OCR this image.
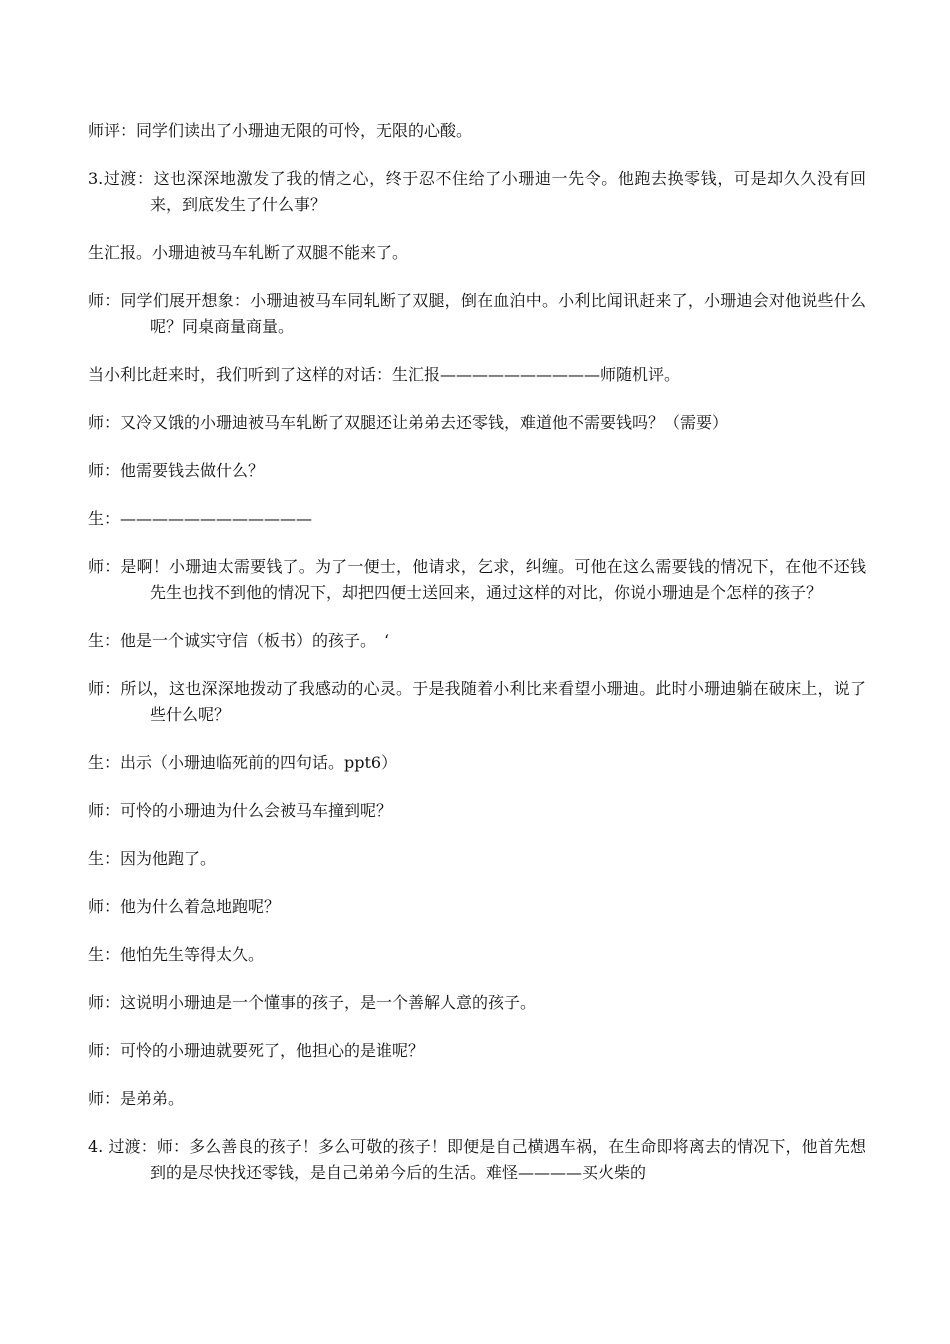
师评：同学们读出了小珊迪无限的可怜，无限的心酸。

3.过渡：这也深深地激发了我的情之心，终于忍不住给了小珊迪一先令。他跑去换零钱，可是却久久没有回来，到底发生了什么事？

生汇报。小珊迪被马车轧断了双腿不能来了。

师：同学们展开想象：小珊迪被马车同轧断了双腿，倒在血泊中。小利比闻讯赶来了，小珊迪会对他说些什么呢？同桌商量商量。

当小利比赶来时，我们听到了这样的对话：生汇报——————————师随机评。

师：又冷又饿的小珊迪被马车轧断了双腿还让弟弟去还零钱，难道他不需要钱吗？（需要）

师：他需要钱去做什么？

生：————————————

师：是啊！小珊迪太需要钱了。为了一便士，他请求，乞求，纠缠。可他在这么需要钱的情况下，在他不还钱先生也找不到他的情况下，却把四便士送回来，通过这样的对比，你说小珊迪是个怎样的孩子？

生：他是一个诚实守信（板书）的孩子。　‘

师：所以，这也深深地拨动了我感动的心灵。于是我随着小利比来看望小珊迪。此时小珊迪躺在破床上，说了些什么呢？

生：出示（小珊迪临死前的四句话。ppt6）

师：可怜的小珊迪为什么会被马车撞到呢？

生：因为他跑了。

师：他为什么着急地跑呢？

生：他怕先生等得太久。

师：这说明小珊迪是一个懂事的孩子，是一个善解人意的孩子。

师：可怜的小珊迪就要死了，他担心的是谁呢？

师：是弟弟。

4. 过渡：师：多么善良的孩子！多么可敬的孩子！即便是自己横遇车祸，在生命即将离去的情况下，他首先想到的是尽快找还零钱，是自己弟弟今后的生活。难怪————买火柴的
